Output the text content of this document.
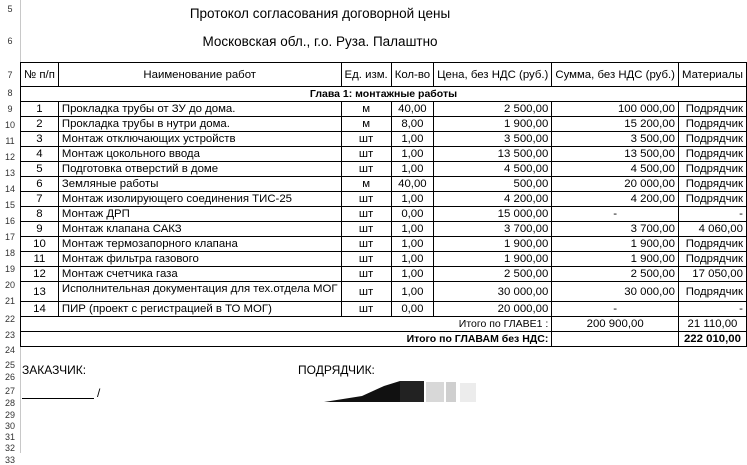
5
6
7
8
9
10
11
12
13
14
15
16
17
18
19
20
21
22
23
24
25
26
27
28
29
30
31
32
33
Протокол согласования договорной цены
Московская обл., г.о. Руза. Палаштно
№ п/п	Наименование работ	Ед. изм.	Кол-во	Цена, без НДС (руб.)	Сумма, без НДС (руб.)	Материалы
Глава 1: монтажные работы						
1	Прокладка трубы от ЗУ до дома.	м	40,00	2 500,00	100 000,00	Подрядчик
2	Прокладка трубы в нутри дома.	м	8,00	1 900,00	15 200,00	Подрядчик
3	Монтаж отключающих устройств	шт	1,00	3 500,00	3 500,00	Подрядчик
4	Монтаж цокольного ввода	шт	1,00	13 500,00	13 500,00	Подрядчик
5	Подготовка отверстий в доме	шт	1,00	4 500,00	4 500,00	Подрядчик
6	Земляные работы	м	40,00	500,00	20 000,00	Подрядчик
7	Монтаж изолирующего соединения ТИС-25	шт	1,00	4 200,00	4 200,00	Подрядчик
8	Монтаж ДРП	шт	0,00	15 000,00	-	-
9	Монтаж клапана САКЗ	шт	1,00	3 700,00	3 700,00	4 060,00
10	Монтаж термозапорного клапана	шт	1,00	1 900,00	1 900,00	Подрядчик
11	Монтаж фильтра газового	шт	1,00	1 900,00	1 900,00	Подрядчик
12	Монтаж счетчика газа	шт	1,00	2 500,00	2 500,00	17 050,00
13	Исполнительная документация для тех.отдела МОГ	шт	1,00	30 000,00	30 000,00	Подрядчик
14	ПИР (проект с регистрацией в ТО МОГ)	шт	0,00	20 000,00	-	-
Итого по ГЛАВЕ1 :					200 900,00	21 110,00
Итого по ГЛАВАМ без НДС:						222 010,00
ЗАКАЗЧИК:	ПОДРЯДЧИК:
/
